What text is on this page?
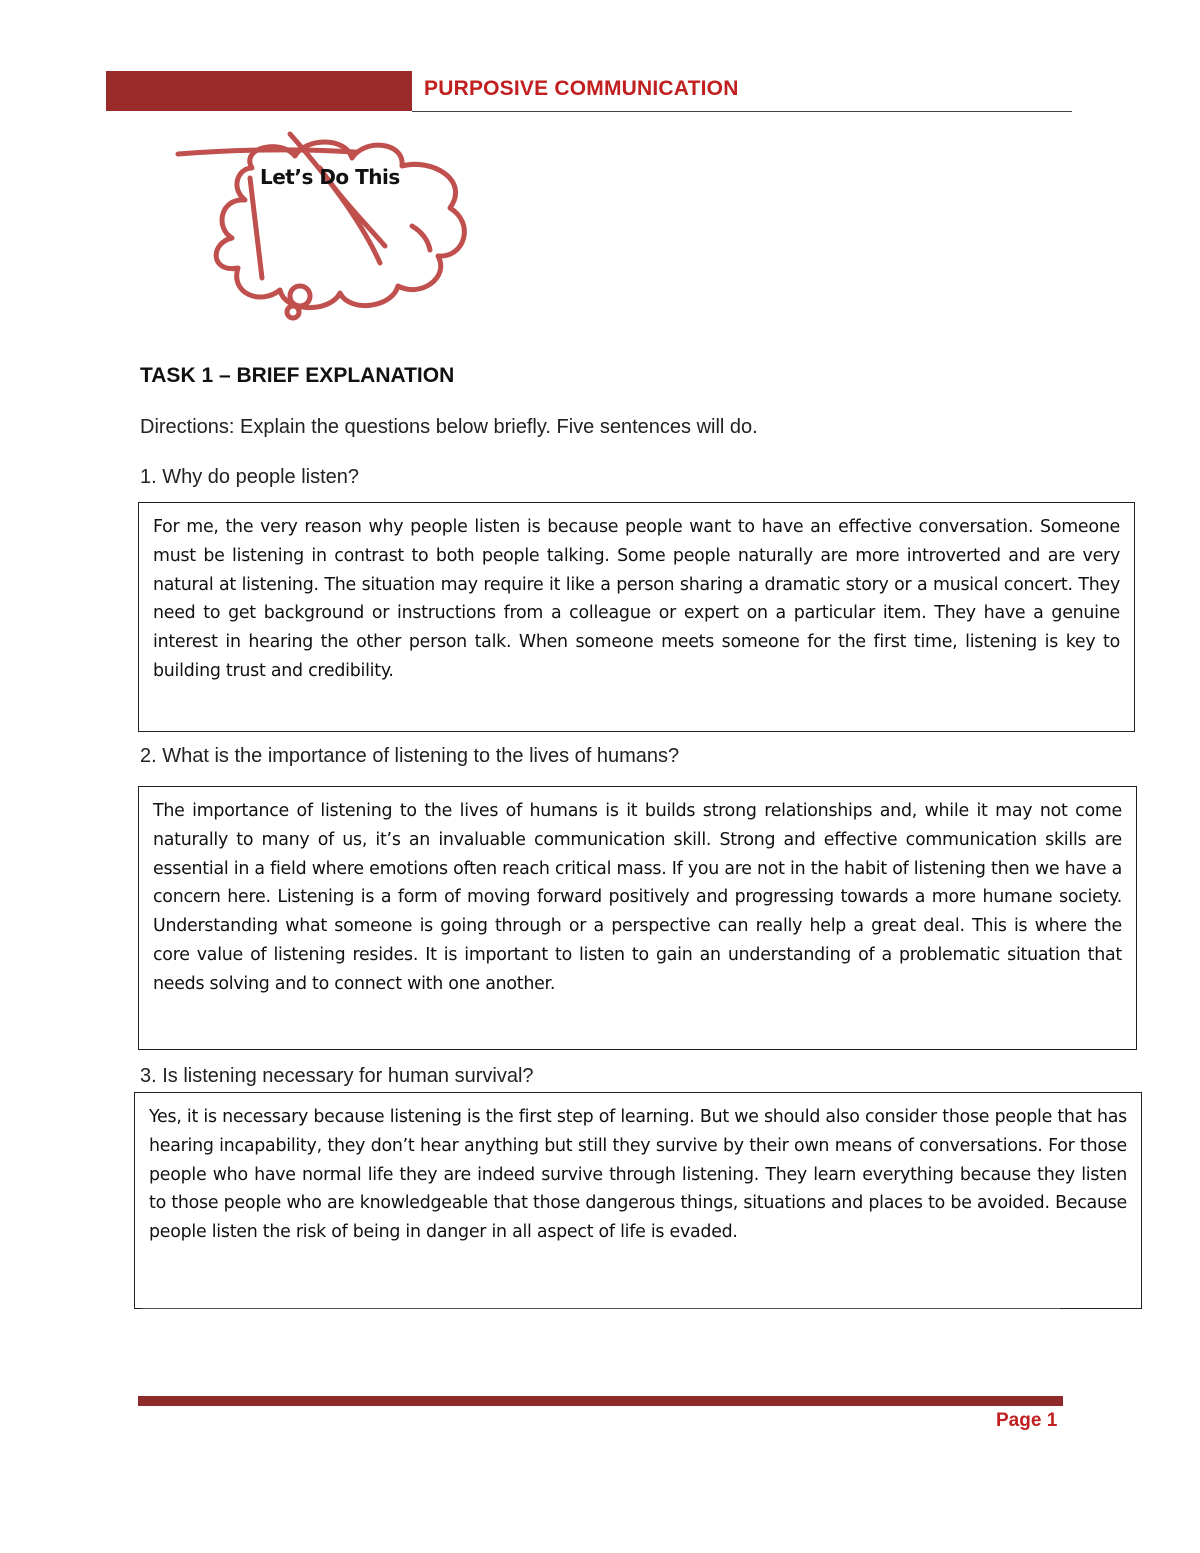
PURPOSIVE COMMUNICATION
Let’s Do This
TASK 1 – BRIEF EXPLANATION
Directions: Explain the questions below briefly. Five sentences will do.
1. Why do people listen?

For me, the very reason why people listen is because people want to have an effective conversation. Someone must be listening in contrast to both people talking. Some people naturally are more introverted and are very natural at listening. The situation may require it like a person sharing a dramatic story or a musical concert. They need to get background or instructions from a colleague or expert on a particular item. They have a genuine interest in hearing the other person talk. When someone meets someone for the first time, listening is key to building trust and credibility.

2. What is the importance of listening to the lives of humans?

The importance of listening to the lives of humans is it builds strong relationships and, while it may not come naturally to many of us, it’s an invaluable communication skill. Strong and effective communication skills are essential in a field where emotions often reach critical mass. If you are not in the habit of listening then we have a concern here. Listening is a form of moving forward positively and progressing towards a more humane society. Understanding what someone is going through or a perspective can really help a great deal. This is where the core value of listening resides. It is important to listen to gain an understanding of a problematic situation that needs solving and to connect with one another.

3. Is listening necessary for human survival?

Yes, it is necessary because listening is the first step of learning. But we should also consider those people that has hearing incapability, they don’t hear anything but still they survive by their own means of conversations. For those people who have normal life they are indeed survive through listening. They learn everything because they listen to those people who are knowledgeable that those dangerous things, situations and places to be avoided. Because people listen the risk of being in danger in all aspect of life is evaded.

Page 1
